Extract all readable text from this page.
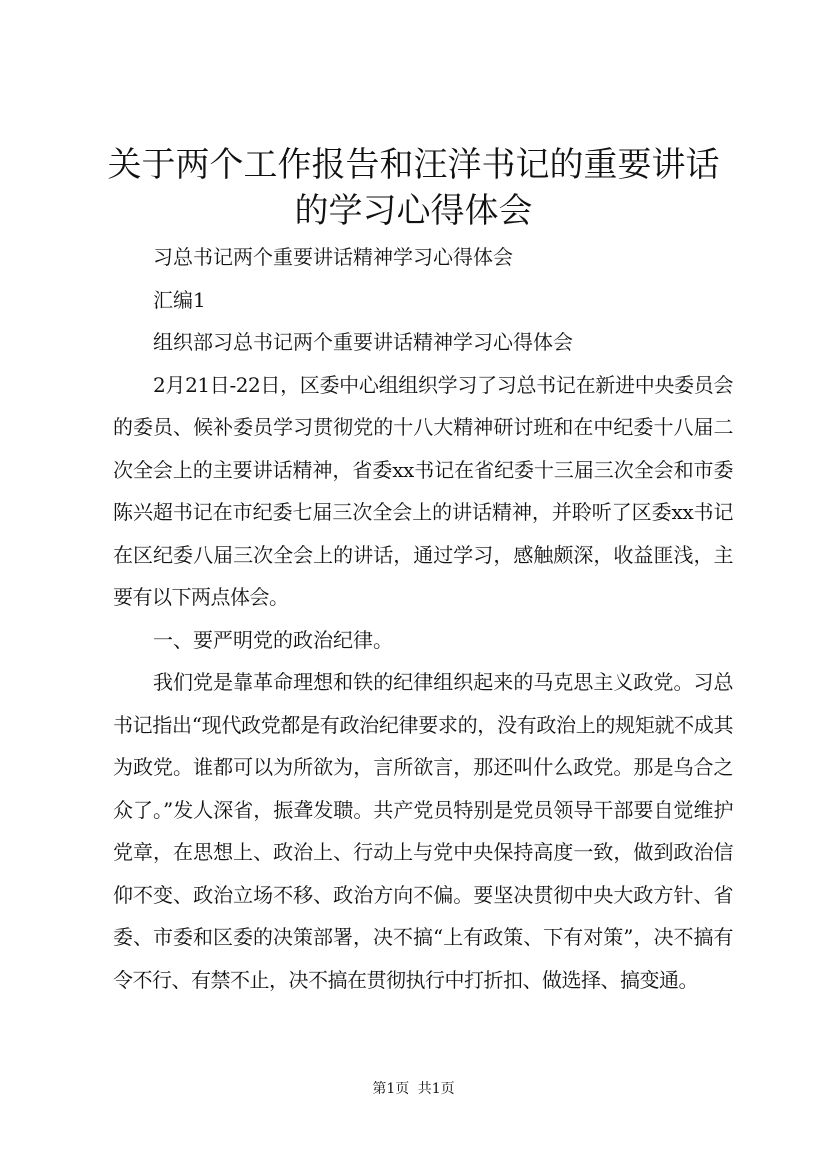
关于两个工作报告和汪洋书记的重要讲话的学习心得体会

习总书记两个重要讲话精神学习心得体会

汇编1

组织部习总书记两个重要讲话精神学习心得体会

2月21日-22日，区委中心组组织学习了习总书记在新进中央委员会的委员、候补委员学习贯彻党的十八大精神研讨班和在中纪委十八届二次全会上的主要讲话精神，省委xx书记在省纪委十三届三次全会和市委陈兴超书记在市纪委七届三次全会上的讲话精神，并聆听了区委xx书记在区纪委八届三次全会上的讲话，通过学习，感触颇深，收益匪浅，主要有以下两点体会。

一、要严明党的政治纪律。

我们党是靠革命理想和铁的纪律组织起来的马克思主义政党。习总书记指出“现代政党都是有政治纪律要求的，没有政治上的规矩就不成其为政党。谁都可以为所欲为，言所欲言，那还叫什么政党。那是乌合之众了。”发人深省，振聋发聩。共产党员特别是党员领导干部要自觉维护党章，在思想上、政治上、行动上与党中央保持高度一致，做到政治信仰不变、政治立场不移、政治方向不偏。要坚决贯彻中央大政方针、省委、市委和区委的决策部署，决不搞“上有政策、下有对策”，决不搞有令不行、有禁不止，决不搞在贯彻执行中打折扣、做选择、搞变通。

第1页 共1页
